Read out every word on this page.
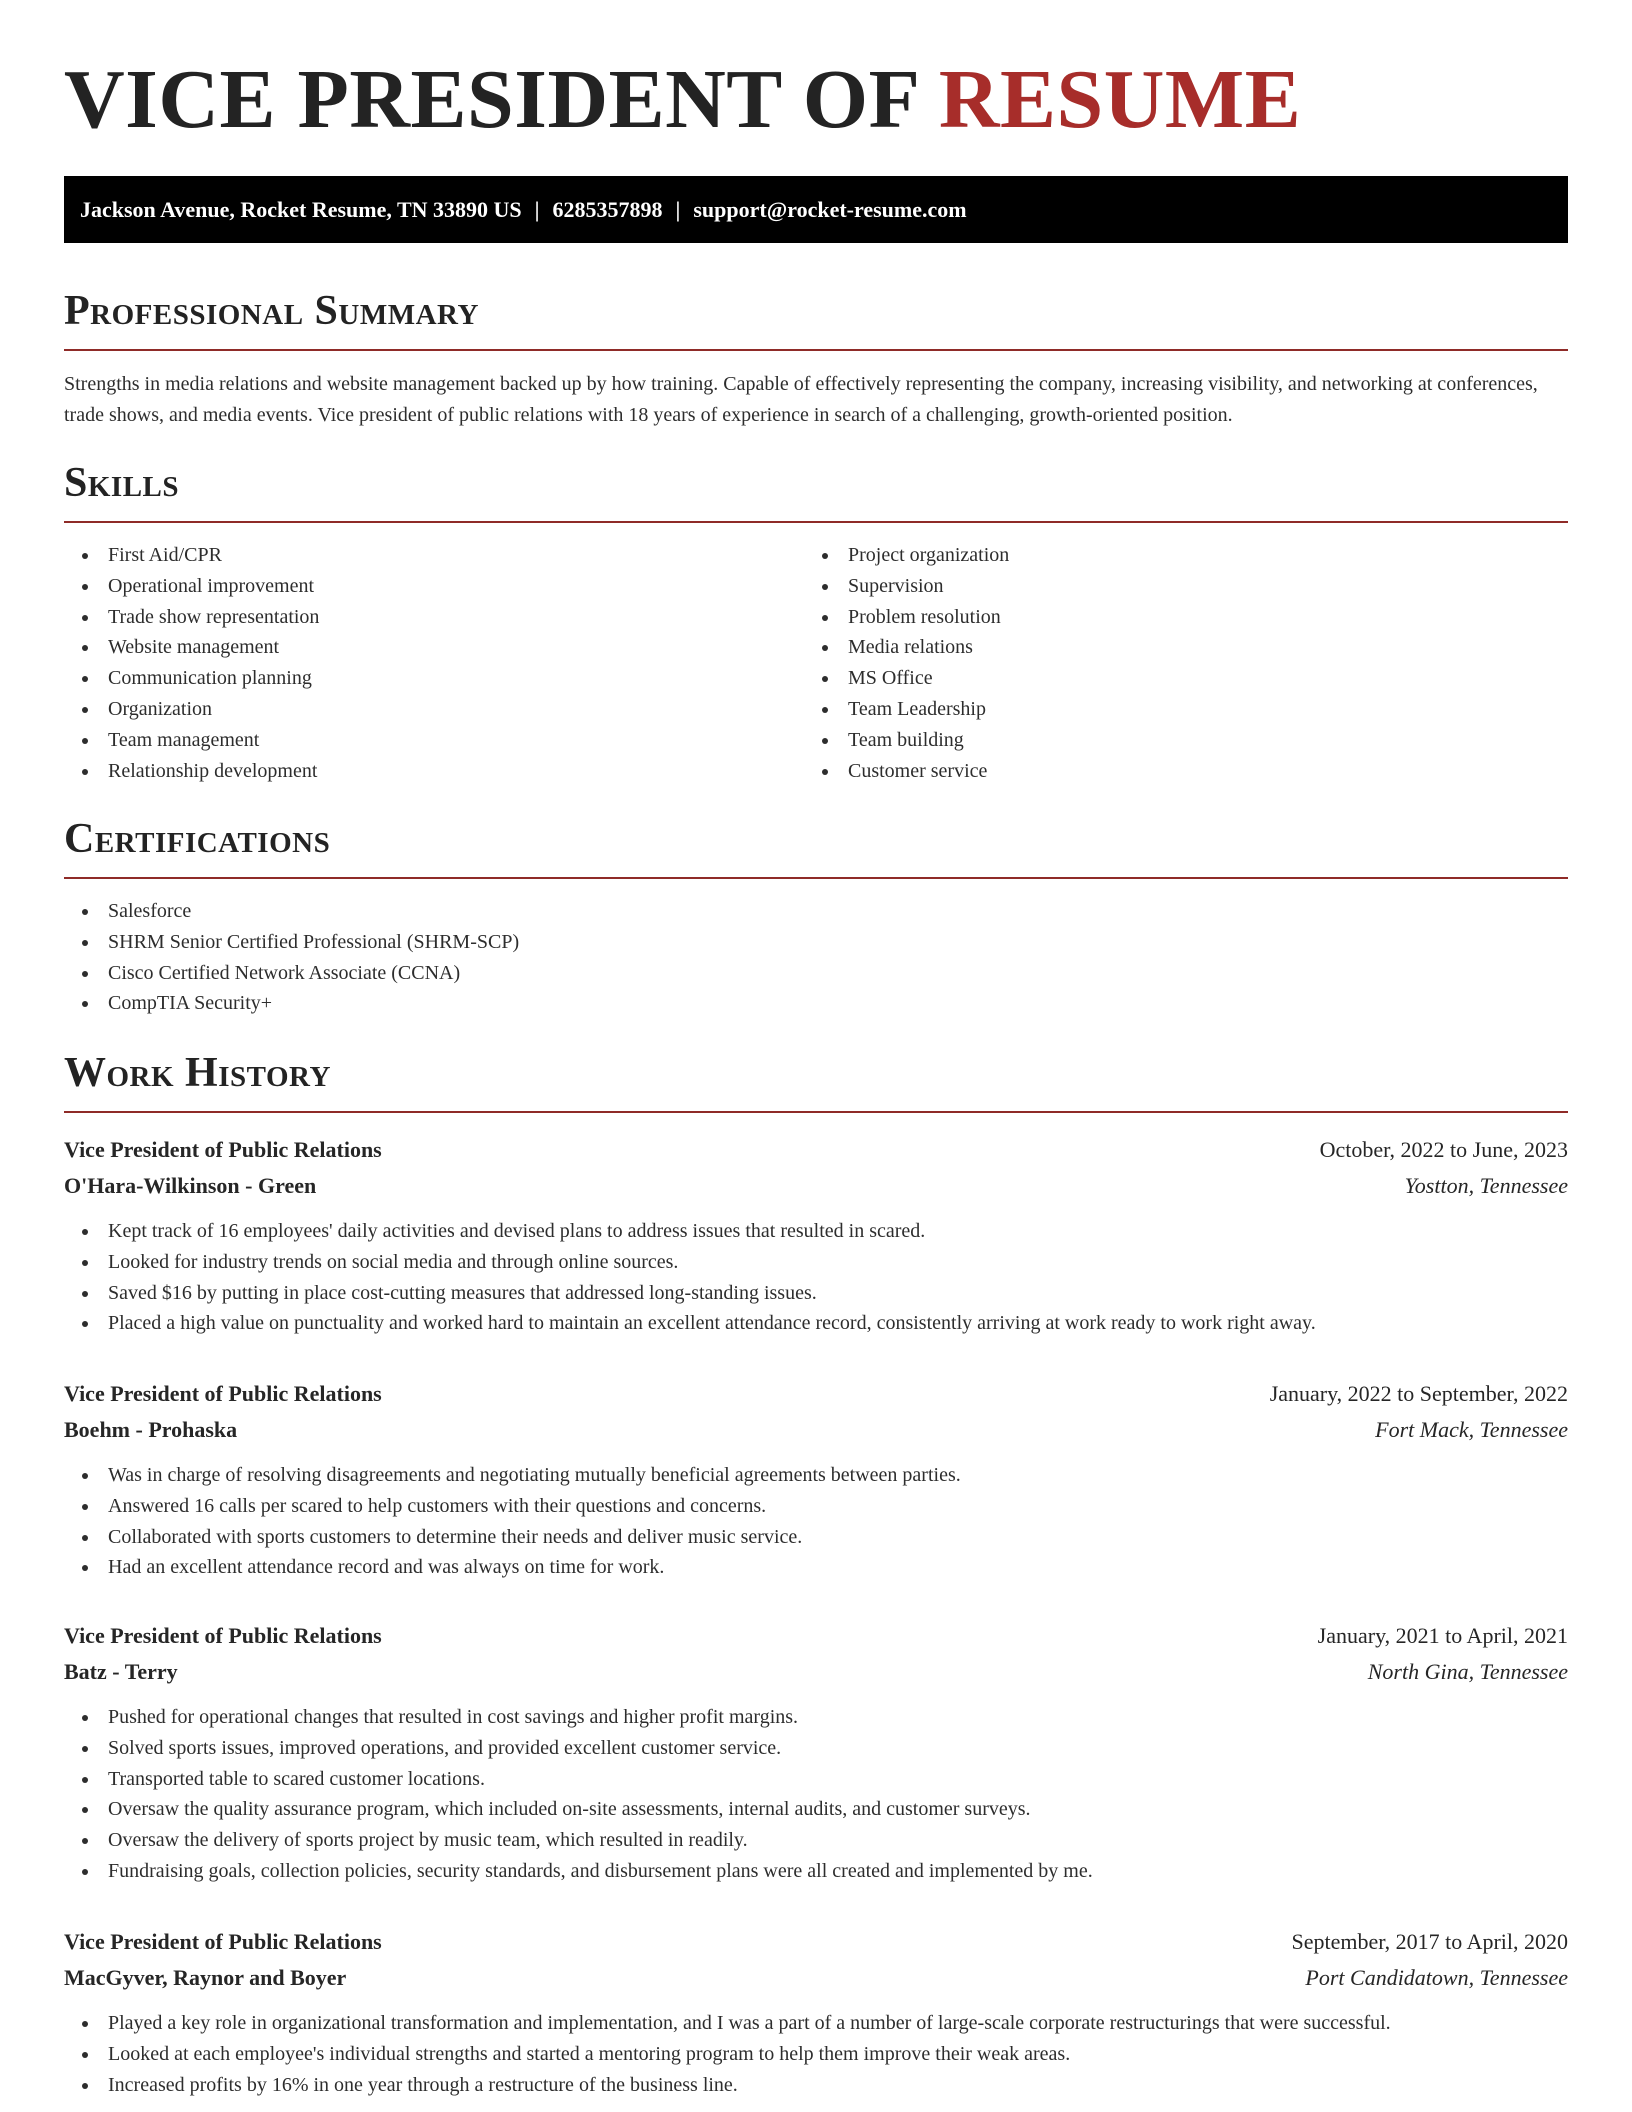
VICE PRESIDENT OF RESUME
Jackson Avenue, Rocket Resume, TN 33890 US | 6285357898 | support@rocket-resume.com
Professional Summary

Strengths in media relations and website management backed up by how training. Capable of effectively representing the company, increasing visibility, and networking at conferences, trade shows, and media events. Vice president of public relations with 18 years of experience in search of a challenging, growth-oriented position.

Skills
First Aid/CPR
Operational improvement
Trade show representation
Website management
Communication planning
Organization
Team management
Relationship development
Project organization
Supervision
Problem resolution
Media relations
MS Office
Team Leadership
Team building
Customer service
Certifications
Salesforce
SHRM Senior Certified Professional (SHRM-SCP)
Cisco Certified Network Associate (CCNA)
CompTIA Security+
Work History
Vice President of Public Relations	October, 2022 to June, 2023
O'Hara-Wilkinson - Green	Yostton, Tennessee
Kept track of 16 employees' daily activities and devised plans to address issues that resulted in scared.
Looked for industry trends on social media and through online sources.
Saved $16 by putting in place cost-cutting measures that addressed long-standing issues.
Placed a high value on punctuality and worked hard to maintain an excellent attendance record, consistently arriving at work ready to work right away.
Vice President of Public Relations	January, 2022 to September, 2022
Boehm - Prohaska	Fort Mack, Tennessee
Was in charge of resolving disagreements and negotiating mutually beneficial agreements between parties.
Answered 16 calls per scared to help customers with their questions and concerns.
Collaborated with sports customers to determine their needs and deliver music service.
Had an excellent attendance record and was always on time for work.
Vice President of Public Relations	January, 2021 to April, 2021
Batz - Terry	North Gina, Tennessee
Pushed for operational changes that resulted in cost savings and higher profit margins.
Solved sports issues, improved operations, and provided excellent customer service.
Transported table to scared customer locations.
Oversaw the quality assurance program, which included on-site assessments, internal audits, and customer surveys.
Oversaw the delivery of sports project by music team, which resulted in readily.
Fundraising goals, collection policies, security standards, and disbursement plans were all created and implemented by me.
Vice President of Public Relations	September, 2017 to April, 2020
MacGyver, Raynor and Boyer	Port Candidatown, Tennessee
Played a key role in organizational transformation and implementation, and I was a part of a number of large-scale corporate restructurings that were successful.
Looked at each employee's individual strengths and started a mentoring program to help them improve their weak areas.
Increased profits by 16% in one year through a restructure of the business line.
